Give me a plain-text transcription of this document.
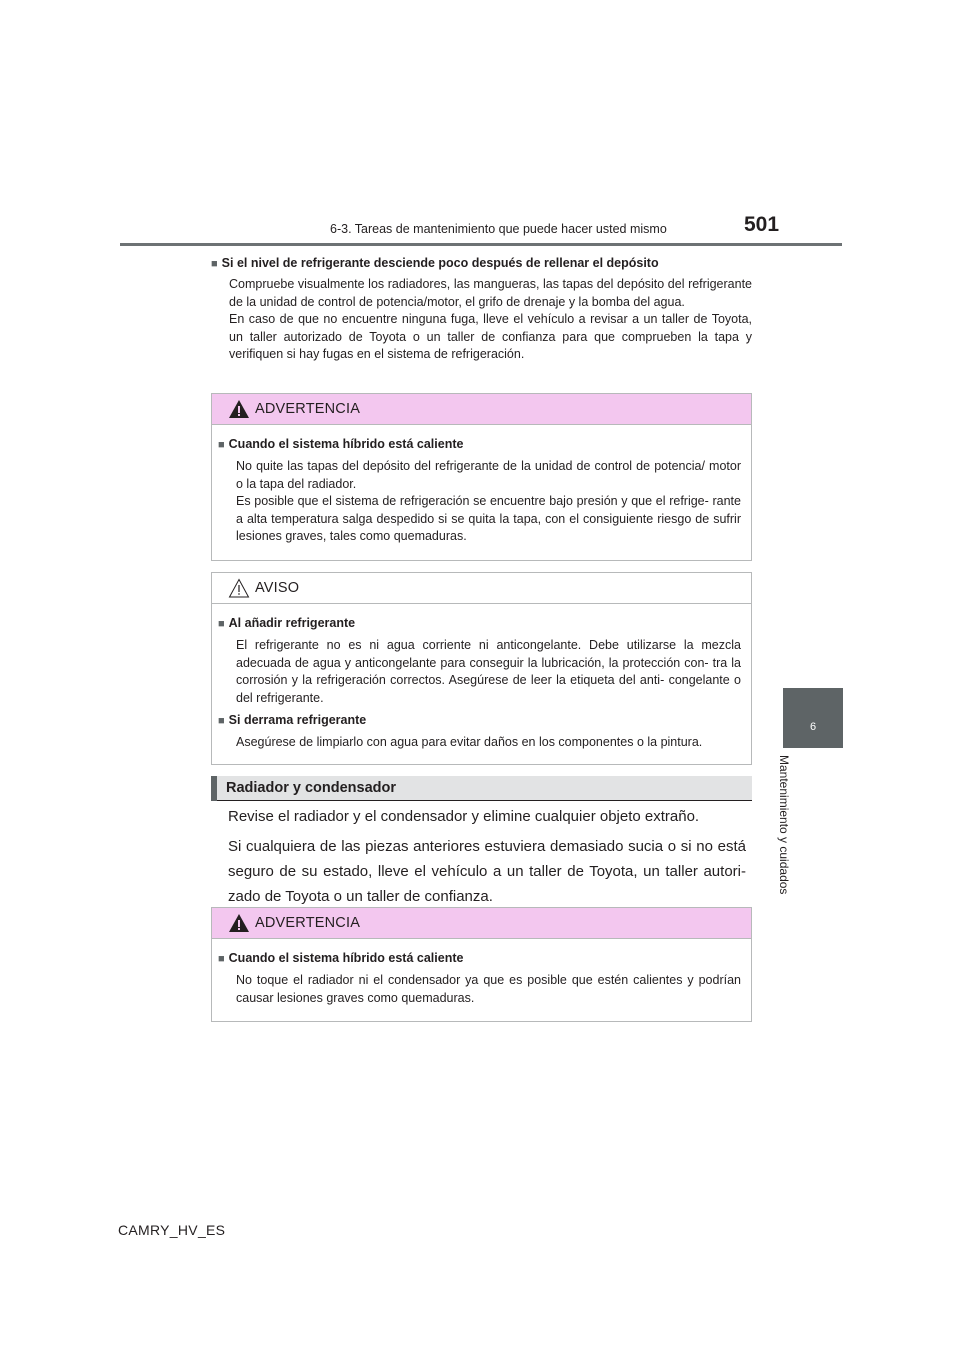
6-3. Tareas de mantenimiento que puede hacer usted mismo	501
6
Mantenimiento y cuidados
■ Si el nivel de refrigerante desciende poco después de rellenar el depósito
Compruebe visualmente los radiadores, las mangueras, las tapas del depósito del refrigerante de la unidad de control de potencia/motor, el grifo de drenaje y la bomba del agua.
En caso de que no encuentre ninguna fuga, lleve el vehículo a revisar a un taller de Toyota, un taller autorizado de Toyota o un taller de confianza para que comprueben la tapa y verifiquen si hay fugas en el sistema de refrigeración.
ADVERTENCIA
■ Cuando el sistema híbrido está caliente
No quite las tapas del depósito del refrigerante de la unidad de control de potencia/ motor o la tapa del radiador.
Es posible que el sistema de refrigeración se encuentre bajo presión y que el refrige- rante a alta temperatura salga despedido si se quita la tapa, con el consiguiente riesgo de sufrir lesiones graves, tales como quemaduras.
AVISO
■ Al añadir refrigerante
El refrigerante no es ni agua corriente ni anticongelante. Debe utilizarse la mezcla adecuada de agua y anticongelante para conseguir la lubricación, la protección con- tra la corrosión y la refrigeración correctos. Asegúrese de leer la etiqueta del anti- congelante o del refrigerante.
■ Si derrama refrigerante
Asegúrese de limpiarlo con agua para evitar daños en los componentes o la pintura.
Radiador y condensador
Revise el radiador y el condensador y elimine cualquier objeto extraño.
Si cualquiera de las piezas anteriores estuviera demasiado sucia o si no está seguro de su estado, lleve el vehículo a un taller de Toyota, un taller autori- zado de Toyota o un taller de confianza.
ADVERTENCIA
■ Cuando el sistema híbrido está caliente
No toque el radiador ni el condensador ya que es posible que estén calientes y podrían causar lesiones graves como quemaduras.
CAMRY_HV_ES
